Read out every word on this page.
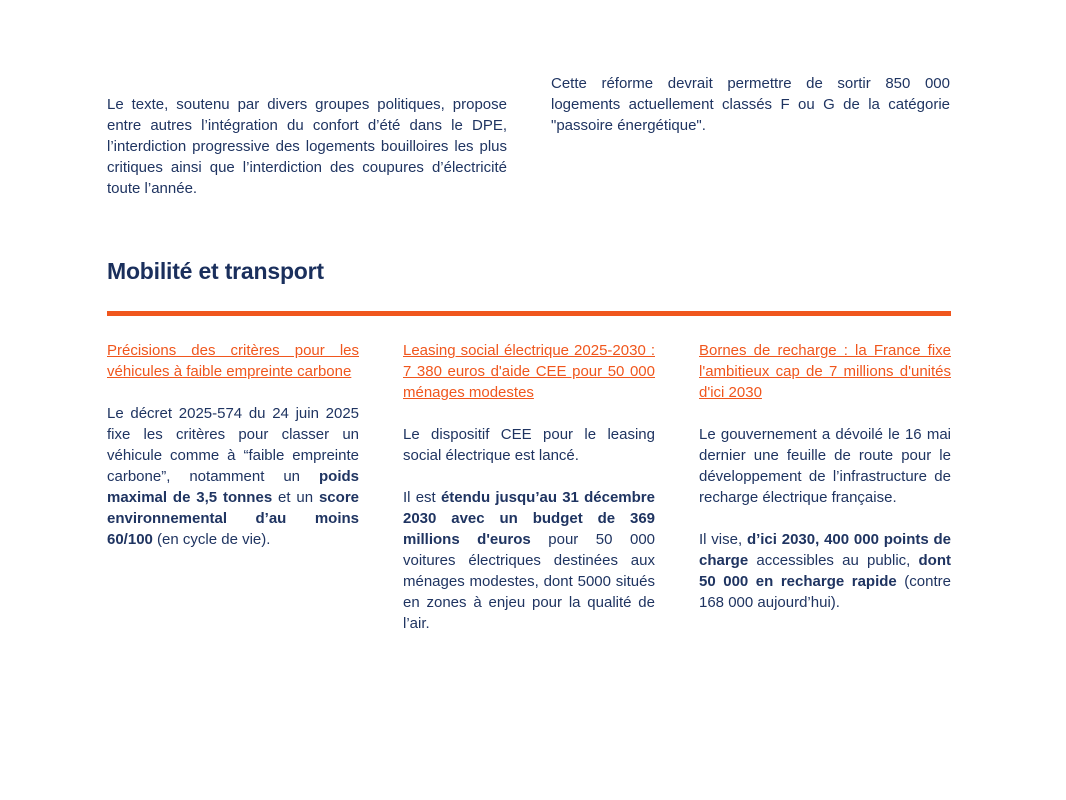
Le texte, soutenu par divers groupes politiques, propose entre autres l’intégration du confort d’été dans le DPE, l’interdiction progressive des logements bouilloires les plus critiques ainsi que l’interdiction des coupures d’électricité toute l’année.

Cette réforme devrait permettre de sortir 850 000 logements actuellement classés F ou G de la catégorie "passoire énergétique".

Mobilité et transport
Précisions des critères pour les véhicules à faible empreinte carbone

Le décret 2025-574 du 24 juin 2025 fixe les critères pour classer un véhicule comme à “faible empreinte carbone”, notamment un poids maximal de 3,5 tonnes et un score environnemental d’au moins 60/100 (en cycle de vie).

Leasing social électrique 2025-2030 : 7 380 euros d'aide CEE pour 50 000 ménages modestes

Le dispositif CEE pour le leasing social électrique est lancé.

Il est étendu jusqu’au 31 décembre 2030 avec un budget de 369 millions d'euros pour 50 000 voitures électriques destinées aux ménages modestes, dont 5000 situés en zones à enjeu pour la qualité de l’air.

Bornes de recharge : la France fixe l'ambitieux cap de 7 millions d'unités d'ici 2030

Le gouvernement a dévoilé le 16 mai dernier une feuille de route pour le développement de l’infrastructure de recharge électrique française.

Il vise, d’ici 2030, 400 000 points de charge accessibles au public, dont 50 000 en recharge rapide (contre 168 000 aujourd’hui).
